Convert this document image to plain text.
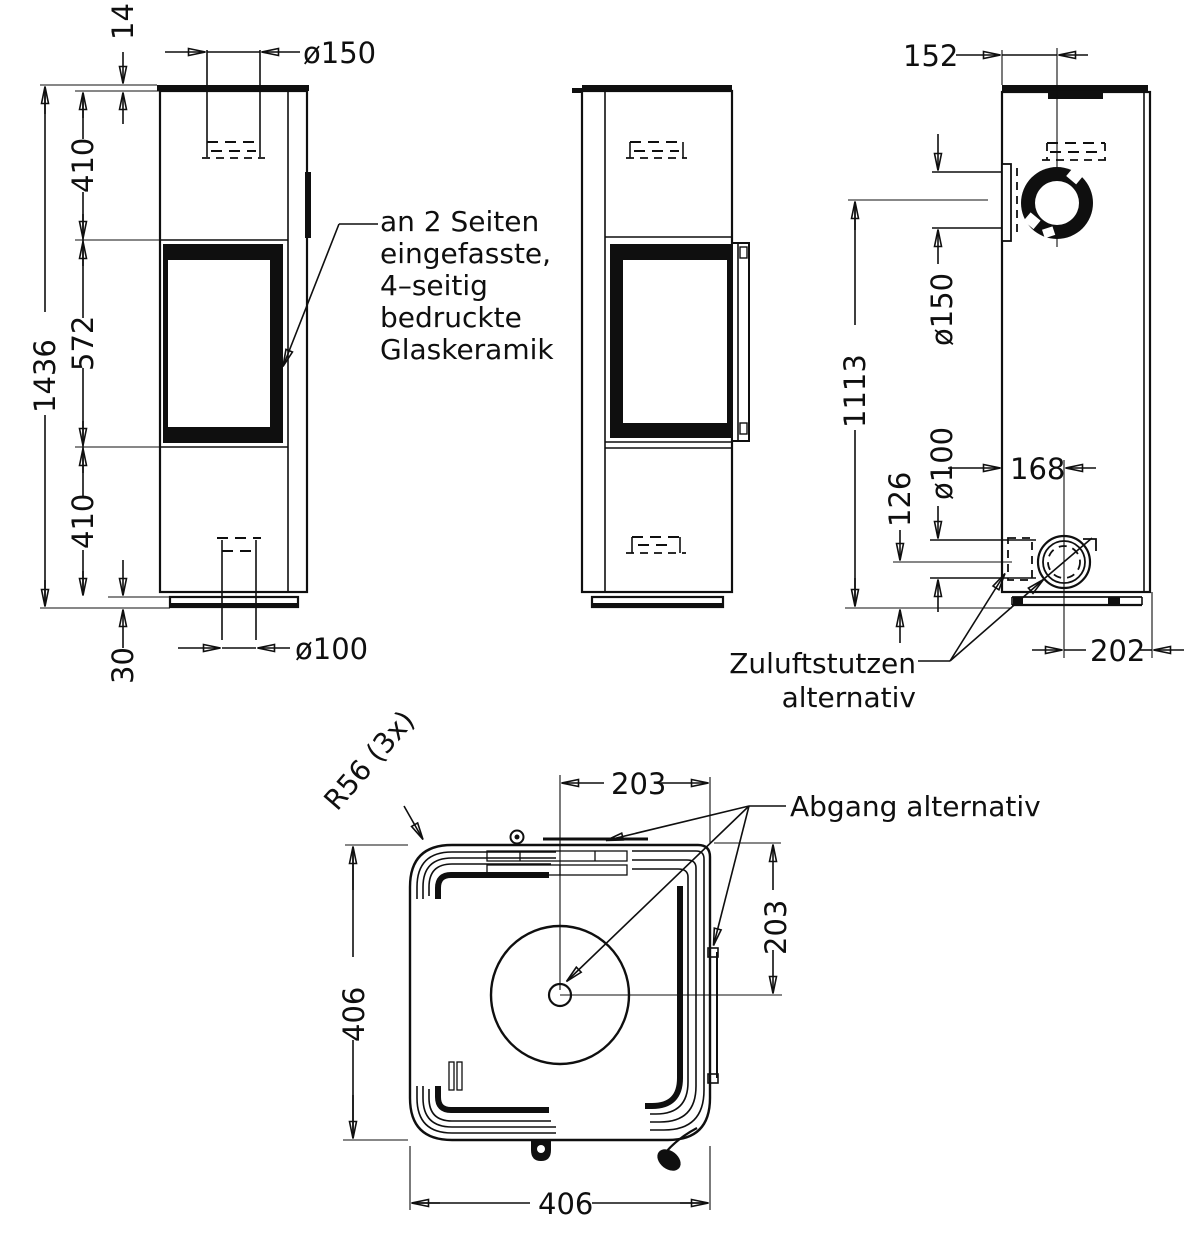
14
1436
410
572
410
30
ø150
ø100
an 2 Seiten
eingefasste,
4–seitig
bedruckte
Glaskeramik
152
ø150
1113
126 ø100 168
202
Zuluftstutzen
alternativ
R56 (3x)	203
203
406
406
Abgang alternativ
